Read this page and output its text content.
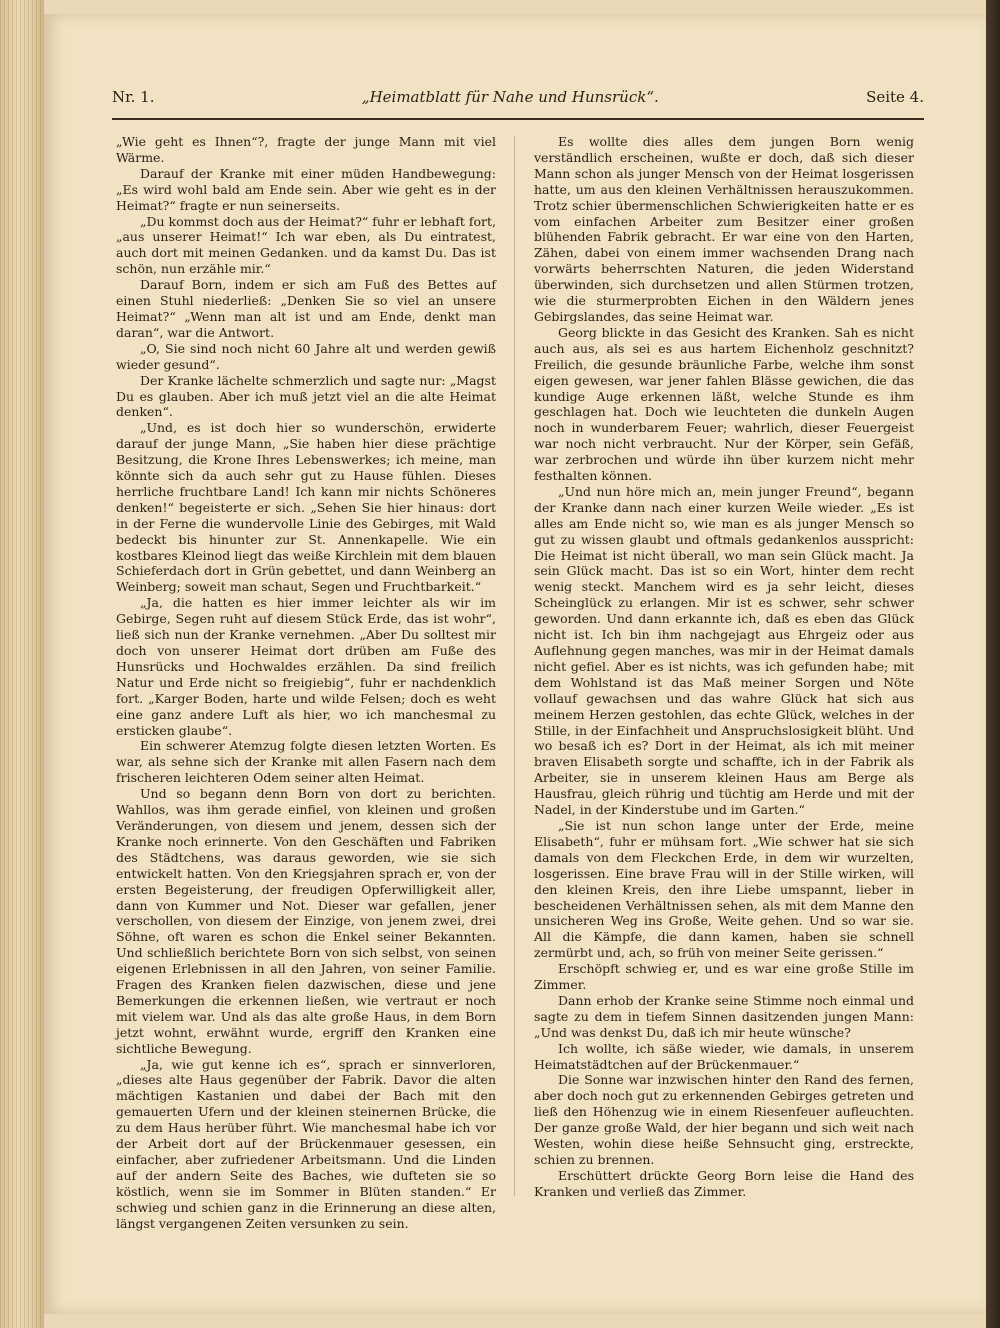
Nr. 1.	„Heimatblatt für Nahe und Hunsrück“.	Seite 4.

„Wie geht es Ihnen“?, fragte der junge Mann mit viel Wärme.

Darauf der Kranke mit einer müden Handbewegung: „Es wird wohl bald am Ende sein. Aber wie geht es in der Heimat?“ fragte er nun seinerseits.

„Du kommst doch aus der Heimat?“ fuhr er lebhaft fort, „aus unserer Heimat!“ Ich war eben, als Du eintratest, auch dort mit meinen Gedanken. und da kamst Du. Das ist schön, nun erzähle mir.“

Darauf Born, indem er sich am Fuß des Bettes auf einen Stuhl niederließ: „Denken Sie so viel an unsere Heimat?“ „Wenn man alt ist und am Ende, denkt man daran“, war die Antwort.

„O, Sie sind noch nicht 60 Jahre alt und werden gewiß wieder gesund“.

Der Kranke lächelte schmerzlich und sagte nur: „Magst Du es glauben. Aber ich muß jetzt viel an die alte Heimat denken“.

„Und, es ist doch hier so wunderschön, erwiderte darauf der junge Mann, „Sie haben hier diese prächtige Besitzung, die Krone Ihres Lebenswerkes; ich meine, man könnte sich da auch sehr gut zu Hause fühlen. Dieses herrliche fruchtbare Land! Ich kann mir nichts Schöneres denken!“ begeisterte er sich. „Sehen Sie hier hinaus: dort in der Ferne die wundervolle Linie des Gebirges, mit Wald bedeckt bis hinunter zur St. Annenkapelle. Wie ein kostbares Kleinod liegt das weiße Kirchlein mit dem blauen Schieferdach dort in Grün gebettet, und dann Weinberg an Weinberg; soweit man schaut, Segen und Fruchtbarkeit.“

„Ja, die hatten es hier immer leichter als wir im Gebirge, Segen ruht auf diesem Stück Erde, das ist wohr“, ließ sich nun der Kranke vernehmen. „Aber Du solltest mir doch von unserer Heimat dort drüben am Fuße des Hunsrücks und Hochwaldes erzählen. Da sind freilich Natur und Erde nicht so freigiebig“, fuhr er nachdenklich fort. „Karger Boden, harte und wilde Felsen; doch es weht eine ganz andere Luft als hier, wo ich manchesmal zu ersticken glaube“.

Ein schwerer Atemzug folgte diesen letzten Worten. Es war, als sehne sich der Kranke mit allen Fasern nach dem frischeren leichteren Odem seiner alten Heimat.

Und so begann denn Born von dort zu berichten. Wahllos, was ihm gerade einfiel, von kleinen und großen Veränderungen, von diesem und jenem, dessen sich der Kranke noch erinnerte. Von den Geschäften und Fabriken des Städtchens, was daraus geworden, wie sie sich entwickelt hatten. Von den Kriegsjahren sprach er, von der ersten Begeisterung, der freudigen Opferwilligkeit aller, dann von Kummer und Not. Dieser war gefallen, jener verschollen, von diesem der Einzige, von jenem zwei, drei Söhne, oft waren es schon die Enkel seiner Bekannten. Und schließlich berichtete Born von sich selbst, von seinen eigenen Erlebnissen in all den Jahren, von seiner Familie. Fragen des Kranken fielen dazwischen, diese und jene Bemerkungen die erkennen ließen, wie vertraut er noch mit vielem war. Und als das alte große Haus, in dem Born jetzt wohnt, erwähnt wurde, ergriff den Kranken eine sichtliche Bewegung.

„Ja, wie gut kenne ich es“, sprach er sinnverloren, „dieses alte Haus gegenüber der Fabrik. Davor die alten mächtigen Kastanien und dabei der Bach mit den gemauerten Ufern und der kleinen steinernen Brücke, die zu dem Haus herüber führt. Wie manchesmal habe ich vor der Arbeit dort auf der Brückenmauer gesessen, ein einfacher, aber zufriedener Arbeitsmann. Und die Linden auf der andern Seite des Baches, wie dufteten sie so köstlich, wenn sie im Sommer in Blüten standen.“ Er schwieg und schien ganz in die Erinnerung an diese alten, längst vergangenen Zeiten versunken zu sein.

Es wollte dies alles dem jungen Born wenig verständlich erscheinen, wußte er doch, daß sich dieser Mann schon als junger Mensch von der Heimat losgerissen hatte, um aus den kleinen Verhältnissen herauszukommen. Trotz schier übermenschlichen Schwierigkeiten hatte er es vom einfachen Arbeiter zum Besitzer einer großen blühenden Fabrik gebracht. Er war eine von den Harten, Zähen, dabei von einem immer wachsenden Drang nach vorwärts beherrschten Naturen, die jeden Widerstand überwinden, sich durchsetzen und allen Stürmen trotzen, wie die sturmerprobten Eichen in den Wäldern jenes Gebirgslandes, das seine Heimat war.

Georg blickte in das Gesicht des Kranken. Sah es nicht auch aus, als sei es aus hartem Eichenholz geschnitzt? Freilich, die gesunde bräunliche Farbe, welche ihm sonst eigen gewesen, war jener fahlen Blässe gewichen, die das kundige Auge erkennen läßt, welche Stunde es ihm geschlagen hat. Doch wie leuchteten die dunkeln Augen noch in wunderbarem Feuer; wahrlich, dieser Feuergeist war noch nicht verbraucht. Nur der Körper, sein Gefäß, war zerbrochen und würde ihn über kurzem nicht mehr festhalten können.

„Und nun höre mich an, mein junger Freund“, begann der Kranke dann nach einer kurzen Weile wieder. „Es ist alles am Ende nicht so, wie man es als junger Mensch so gut zu wissen glaubt und oftmals gedankenlos ausspricht: Die Heimat ist nicht überall, wo man sein Glück macht. Ja sein Glück macht. Das ist so ein Wort, hinter dem recht wenig steckt. Manchem wird es ja sehr leicht, dieses Scheinglück zu erlangen. Mir ist es schwer, sehr schwer geworden. Und dann erkannte ich, daß es eben das Glück nicht ist. Ich bin ihm nachgejagt aus Ehrgeiz oder aus Auflehnung gegen manches, was mir in der Heimat damals nicht gefiel. Aber es ist nichts, was ich gefunden habe; mit dem Wohlstand ist das Maß meiner Sorgen und Nöte vollauf gewachsen und das wahre Glück hat sich aus meinem Herzen gestohlen, das echte Glück, welches in der Stille, in der Einfachheit und Anspruchslosigkeit blüht. Und wo besaß ich es? Dort in der Heimat, als ich mit meiner braven Elisabeth sorgte und schaffte, ich in der Fabrik als Arbeiter, sie in unserem kleinen Haus am Berge als Hausfrau, gleich rührig und tüchtig am Herde und mit der Nadel, in der Kinderstube und im Garten.“

„Sie ist nun schon lange unter der Erde, meine Elisabeth“, fuhr er mühsam fort. „Wie schwer hat sie sich damals von dem Fleckchen Erde, in dem wir wurzelten, losgerissen. Eine brave Frau will in der Stille wirken, will den kleinen Kreis, den ihre Liebe umspannt, lieber in bescheidenen Verhältnissen sehen, als mit dem Manne den unsicheren Weg ins Große, Weite gehen. Und so war sie. All die Kämpfe, die dann kamen, haben sie schnell zermürbt und, ach, so früh von meiner Seite gerissen.“

Erschöpft schwieg er, und es war eine große Stille im Zimmer.

Dann erhob der Kranke seine Stimme noch einmal und sagte zu dem in tiefem Sinnen dasitzenden jungen Mann: „Und was denkst Du, daß ich mir heute wünsche?

Ich wollte, ich säße wieder, wie damals, in unserem Heimatstädtchen auf der Brückenmauer.“

Die Sonne war inzwischen hinter den Rand des fernen, aber doch noch gut zu erkennenden Gebirges getreten und ließ den Höhenzug wie in einem Riesenfeuer aufleuchten. Der ganze große Wald, der hier begann und sich weit nach Westen, wohin diese heiße Sehnsucht ging, erstreckte, schien zu brennen.

Erschüttert drückte Georg Born leise die Hand des Kranken und verließ das Zimmer.
